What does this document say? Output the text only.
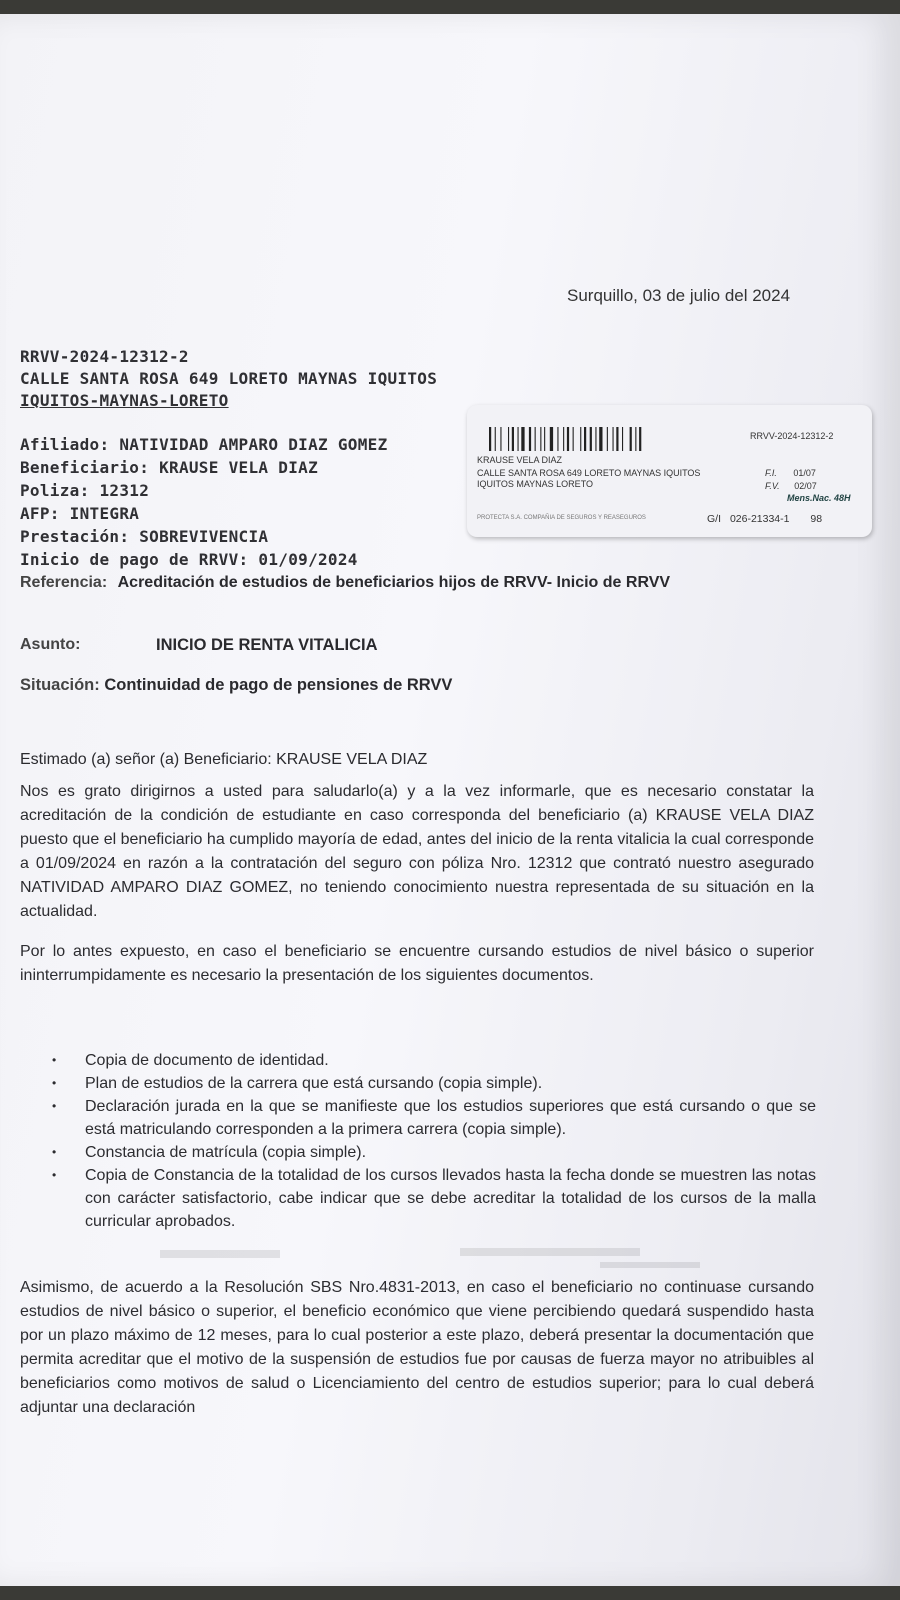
Surquillo, 03 de julio del 2024
RRVV-2024-12312-2
CALLE SANTA ROSA 649 LORETO MAYNAS IQUITOS
IQUITOS-MAYNAS-LORETO
Afiliado: NATIVIDAD AMPARO DIAZ GOMEZ
Beneficiario: KRAUSE VELA DIAZ
Poliza: 12312
AFP: INTEGRA
Prestación: SOBREVIVENCIA
Inicio de pago de RRVV: 01/09/2024
Referencia: Acreditación de estudios de beneficiarios hijos de RRVV- Inicio de RRVV
Asunto:	INICIO DE RENTA VITALICIA
Situación: Continuidad de pago de pensiones de RRVV
Estimado (a) señor (a) Beneficiario: KRAUSE VELA DIAZ
Nos es grato dirigirnos a usted para saludarlo(a) y a la vez informarle, que es necesario constatar la acreditación de la condición de estudiante en caso corresponda del beneficiario (a) KRAUSE VELA DIAZ puesto que el beneficiario ha cumplido mayoría de edad, antes del inicio de la renta vitalicia la cual corresponde a 01/09/2024 en razón a la contratación del seguro con póliza Nro. 12312 que contrató nuestro asegurado NATIVIDAD AMPARO DIAZ GOMEZ, no teniendo conocimiento nuestra representada de su situación en la actualidad.
Por lo antes expuesto, en caso el beneficiario se encuentre cursando estudios de nivel básico o superior ininterrumpidamente es necesario la presentación de los siguientes documentos.
• Copia de documento de identidad.
• Plan de estudios de la carrera que está cursando (copia simple).
• Declaración jurada en la que se manifieste que los estudios superiores que está cursando o que se está matriculando corresponden a la primera carrera (copia simple).
• Constancia de matrícula (copia simple).
• Copia de Constancia de la totalidad de los cursos llevados hasta la fecha donde se muestren las notas con carácter satisfactorio, cabe indicar que se debe acreditar la totalidad de los cursos de la malla curricular aprobados.
Asimismo, de acuerdo a la Resolución SBS Nro.4831-2013, en caso el beneficiario no continuase cursando estudios de nivel básico o superior, el beneficio económico que viene percibiendo quedará suspendido hasta por un plazo máximo de 12 meses, para lo cual posterior a este plazo, deberá presentar la documentación que permita acreditar que el motivo de la suspensión de estudios fue por causas de fuerza mayor no atribuibles al beneficiarios como motivos de salud o Licenciamiento del centro de estudios superior; para lo cual deberá adjuntar una declaración
RRVV-2024-12312-2
KRAUSE VELA DIAZ
CALLE SANTA ROSA 649 LORETO MAYNAS IQUITOS
IQUITOS MAYNAS LORETO
F.I. 01/07
F.V. 02/07
Mens.Nac. 48H
PROTECTA S.A. COMPAÑIA DE SEGUROS Y REASEGUROS	G/I 026-21334-1 98
